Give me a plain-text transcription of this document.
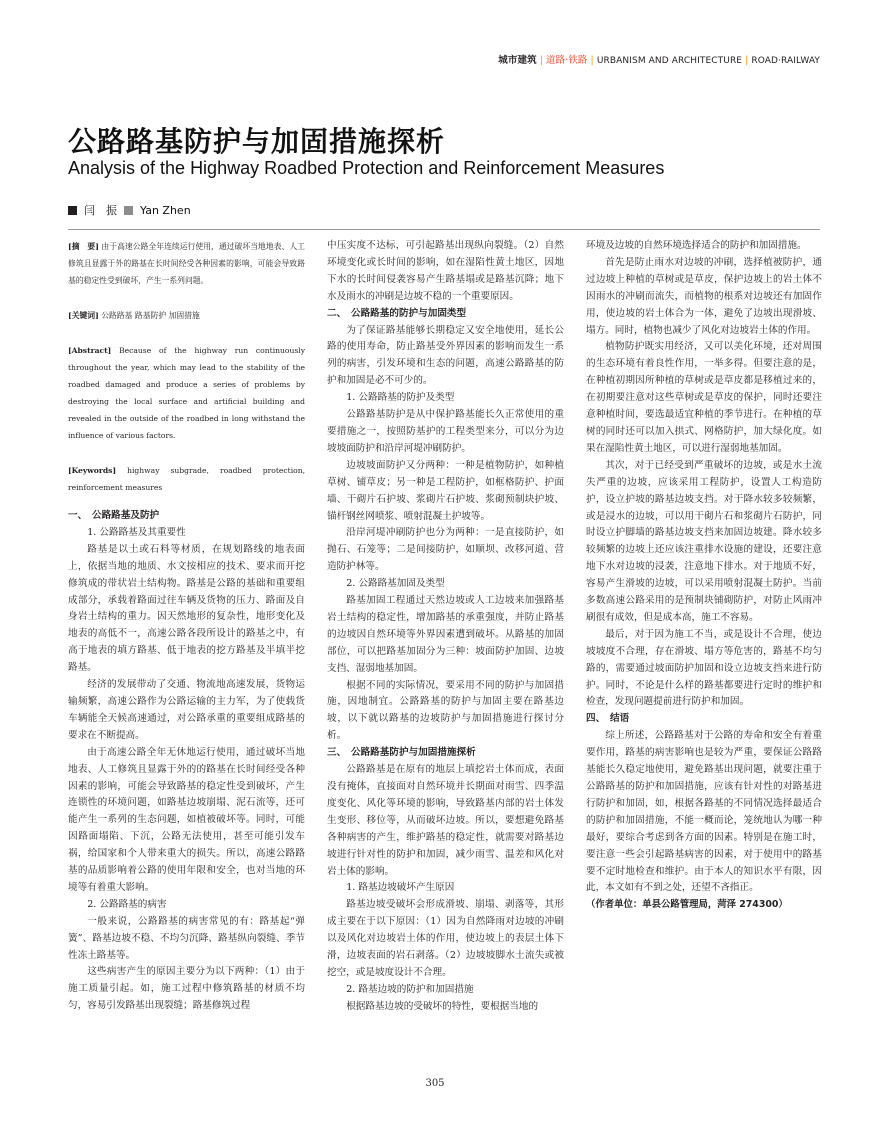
城市建筑 | 道路·铁路 | URBANISM AND ARCHITECTURE | ROAD·RAILWAY
公路路基防护与加固措施探析
Analysis of the Highway Roadbed Protection and Reinforcement Measures
闫　振 Yan Zhen
[摘　要] 由于高速公路全年连续运行使用，通过破坏当地地表、人工修筑且显露于外的路基在长时间经受各种因素的影响，可能会导致路基的稳定性受到破坏，产生一系列问题。
[关键词] 公路路基 路基防护 加固措施
[Abstract] Because of the highway run continuously throughout the year, which may lead to the stability of the roadbed damaged and produce a series of problems by destroying the local surface and artificial building and revealed in the outside of the roadbed in long withstand the influence of various factors.
[Keywords] highway subgrade, roadbed protection, reinforcement measures

一、　公路路基及防护

1. 公路路基及其重要性

路基是以土或石料等材质，在规划路线的地表面上，依据当地的地质、水文按相应的技术、要求而开挖修筑成的带状岩土结构物。路基是公路的基础和重要组成部分，承载着路面过往车辆及货物的压力、路面及自身岩土结构的重力。因天然地形的复杂性，地形变化及地表的高低不一，高速公路各段所设计的路基之中，有高于地表的填方路基、低于地表的挖方路基及半填半挖路基。

经济的发展带动了交通、物流地高速发展，货物运输频繁，高速公路作为公路运输的主力军，为了使载货车辆能全天候高速通过，对公路承重的重要组成路基的要求在不断提高。

由于高速公路全年无休地运行使用，通过破坏当地地表、人工修筑且显露于外的的路基在长时间经受各种因素的影响，可能会导致路基的稳定性受到破坏，产生连锁性的环境问题，如路基边坡崩塌、泥石流等，还可能产生一系列的生态问题，如植被破坏等。同时，可能因路面塌陷、下沉，公路无法使用，甚至可能引发车祸，给国家和个人带来重大的损失。所以，高速公路路基的品质影响着公路的使用年限和安全，也对当地的环境等有着重大影响。

2. 公路路基的病害

一般来说，公路路基的病害常见的有：路基起“弹簧”、路基边坡不稳、不均匀沉降、路基纵向裂缝、季节性冻土路基等。

这些病害产生的原因主要分为以下两种：（1）由于施工质量引起。如，施工过程中修筑路基的材质不均匀，容易引发路基出现裂缝；路基修筑过程

中压实度不达标，可引起路基出现纵向裂缝。（2）自然环境变化或长时间的影响，如在湿陷性黄土地区，因地下水的长时间侵袭容易产生路基塌或是路基沉降；地下水及雨水的冲刷是边坡不稳的一个重要原因。

二、　公路路基的防护与加固类型

为了保证路基能够长期稳定又安全地使用，延长公路的使用寿命，防止路基受外界因素的影响而发生一系列的病害，引发环境和生态的问题，高速公路路基的防护和加固是必不可少的。

1. 公路路基的防护及类型

公路路基防护是从中保护路基能长久正常使用的重要措施之一，按照防基护的工程类型来分，可以分为边坡坡面防护和沿岸河堤冲刷防护。

边坡坡面防护又分两种：一种是植物防护，如种植草树、铺草皮；另一种是工程防护，如框格防护、护面墙、干砌片石护坡、浆砌片石护坡、浆砌预制块护坡、锚杆钢丝网喷浆、喷射混凝土护坡等。

沿岸河堤冲刷防护也分为两种：一是直接防护，如抛石、石笼等；二是间接防护，如顺坝、改移河道、营造防护林等。

2. 公路路基加固及类型

路基加固工程通过天然边坡或人工边坡来加强路基岩土结构的稳定性，增加路基的承重强度，并防止路基的边坡因自然环境等外界因素遭到破坏。从路基的加固部位，可以把路基加固分为三种：坡面防护加固、边坡支挡、湿弱地基加固。

根据不同的实际情况，要采用不同的防护与加固措施，因地制宜。公路路基的防护与加固主要在路基边坡，以下就以路基的边坡防护与加固措施进行探讨分析。

三、　公路路基防护与加固措施探析

公路路基是在原有的地层上填挖岩土体而成，表面没有掩体，直接面对自然环境并长期面对雨雪、四季温度变化、风化等环境的影响，导致路基内部的岩土体发生变形、移位等，从而破坏边坡。所以，要想避免路基各种病害的产生，维护路基的稳定性，就需要对路基边坡进行针对性的防护和加固，减少雨雪、温差和风化对岩土体的影响。

1. 路基边坡破坏产生原因

路基边坡受破坏会形成滑坡、崩塌、剥落等，其形成主要在于以下原因：（1）因为自然降雨对边坡的冲刷以及风化对边坡岩土体的作用，使边坡上的表层土体下滑，边坡表面的岩石剥落。（2）边坡坡脚水土流失或被挖空，或是坡度设计不合理。

2. 路基边坡的防护和加固措施

根据路基边坡的受破坏的特性，要根据当地的

环境及边坡的自然环境选择适合的防护和加固措施。

首先是防止雨水对边坡的冲刷，选择植被防护，通过边坡上种植的草树或是草皮，保护边坡上的岩土体不因雨水的冲刷而流失，而植物的根系对边坡还有加固作用，使边坡的岩土体合为一体，避免了边坡出现滑坡、塌方。同时，植物也减少了风化对边坡岩土体的作用。

植物防护既实用经济，又可以美化环境，还对周围的生态环境有着良性作用，一举多得。但要注意的是，在种植初期因所种植的草树或是草皮都是移植过来的，在初期要注意对这些草树或是草皮的保护，同时还要注意种植时间，要选最适宜种植的季节进行。在种植的草树的同时还可以加入拱式、网格防护，加大绿化度。如果在湿陷性黄土地区，可以进行湿弱地基加固。

其次，对于已经受到严重破坏的边坡，或是水土流失严重的边坡，应该采用工程防护，设置人工构造防护，设立护坡的路基边坡支挡。对于降水较多较频繁，或是浸水的边坡，可以用干砌片石和浆砌片石防护，同时设立护脚墙的路基边坡支挡来加固边坡建。降水较多较频繁的边坡上还应该注重排水设施的建设，还要注意地下水对边坡的浸袭，注意地下排水。对于地质不好，容易产生滑坡的边坡，可以采用喷射混凝土防护。当前多数高速公路采用的是预制块铺砌防护，对防止风雨冲刷很有成效，但是成本高，施工不容易。

最后，对于因为施工不当，或是设计不合理，使边坡坡度不合理，存在滑坡、塌方等危害的，路基不均匀路的，需要通过坡面防护加固和设立边坡支挡来进行防护。同时，不论是什么样的路基都要进行定时的维护和检查，发现问题提前进行防护和加固。

四、　结语

综上所述，公路路基对于公路的寿命和安全有着重要作用，路基的病害影响也是较为严重，要保证公路路基能长久稳定地使用，避免路基出现问题，就要注重于公路路基的防护和加固措施，应该有针对性的对路基进行防护和加固，如，根据各路基的不同情况选择最适合的防护和加固措施，不能一概而论，笼统地认为哪一种最好，要综合考虑到各方面的因素。特别是在施工时，要注意一些会引起路基病害的因素，对于使用中的路基要不定时地检查和维护。由于本人的知识水平有限，因此，本文如有不到之处，还望不吝指正。

（作者单位：单县公路管理局，菏泽 274300）

305
